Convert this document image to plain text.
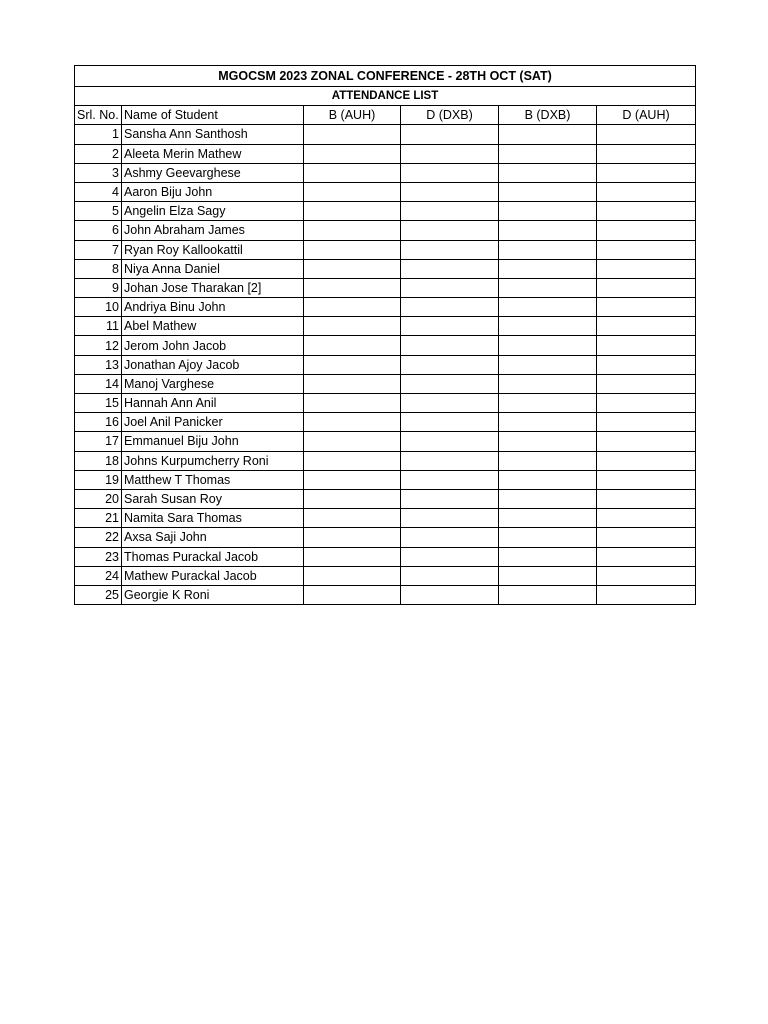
MGOCSM 2023 ZONAL CONFERENCE - 28TH OCT (SAT)					
ATTENDANCE LIST					
Srl. No.	Name of Student	B (AUH)	D (DXB)	B (DXB)	D (AUH)
1	Sansha Ann Santhosh				
2	Aleeta Merin Mathew				
3	Ashmy Geevarghese				
4	Aaron Biju John				
5	Angelin Elza Sagy				
6	John Abraham James				
7	Ryan Roy Kallookattil				
8	Niya Anna Daniel				
9	Johan Jose Tharakan [2]				
10	Andriya Binu John				
11	Abel Mathew				
12	Jerom John Jacob				
13	Jonathan Ajoy Jacob				
14	Manoj Varghese				
15	Hannah Ann Anil				
16	Joel Anil Panicker				
17	Emmanuel Biju John				
18	Johns Kurpumcherry Roni				
19	Matthew T Thomas				
20	Sarah Susan Roy				
21	Namita Sara Thomas				
22	Axsa Saji John				
23	Thomas Purackal Jacob				
24	Mathew Purackal Jacob				
25	Georgie K Roni				
